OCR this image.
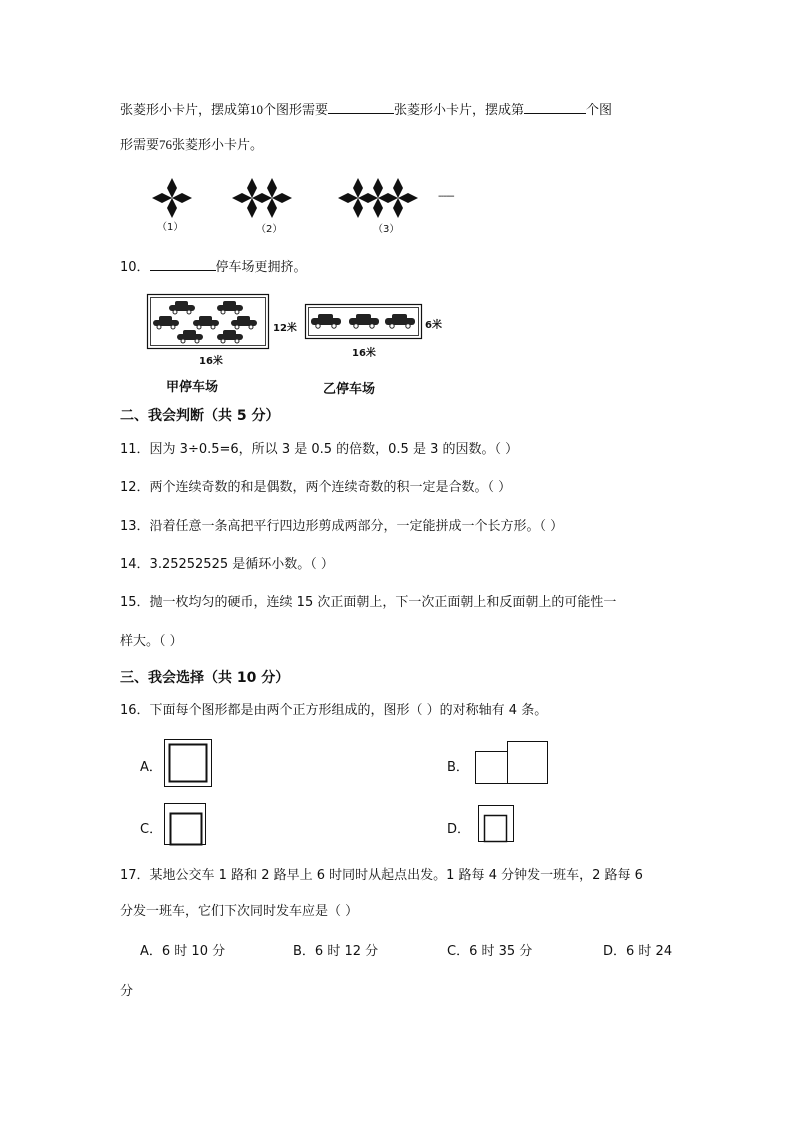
张菱形小卡片，摆成第10个图形需要	张菱形小卡片，摆成第	个图
形需要76张菱形小卡片。
------
（1）	（2）	（3）
10．	停车场更拥挤。
12米
16米
甲停车场
6米
16米
乙停车场
二、我会判断（共 5 分）
11．因为 3÷0.5=6，所以 3 是 0.5 的倍数，0.5 是 3 的因数。（ ）
12．两个连续奇数的和是偶数，两个连续奇数的积一定是合数。（ ）
13．沿着任意一条高把平行四边形剪成两部分，一定能拼成一个长方形。（ ）
14．3.25252525 是循环小数。（ ）
15．抛一枚均匀的硬币，连续 15 次正面朝上，下一次正面朝上和反面朝上的可能性一
样大。（ ）
三、我会选择（共 10 分）
16．下面每个图形都是由两个正方形组成的，图形（ ）的对称轴有 4 条。
A．	B．
C．	D．
17．某地公交车 1 路和 2 路早上 6 时同时从起点出发。1 路每 4 分钟发一班车，2 路每 6
分发一班车，它们下次同时发车应是（ ）
A．6 时 10 分	B．6 时 12 分	C．6 时 35 分	D．6 时 24
分
